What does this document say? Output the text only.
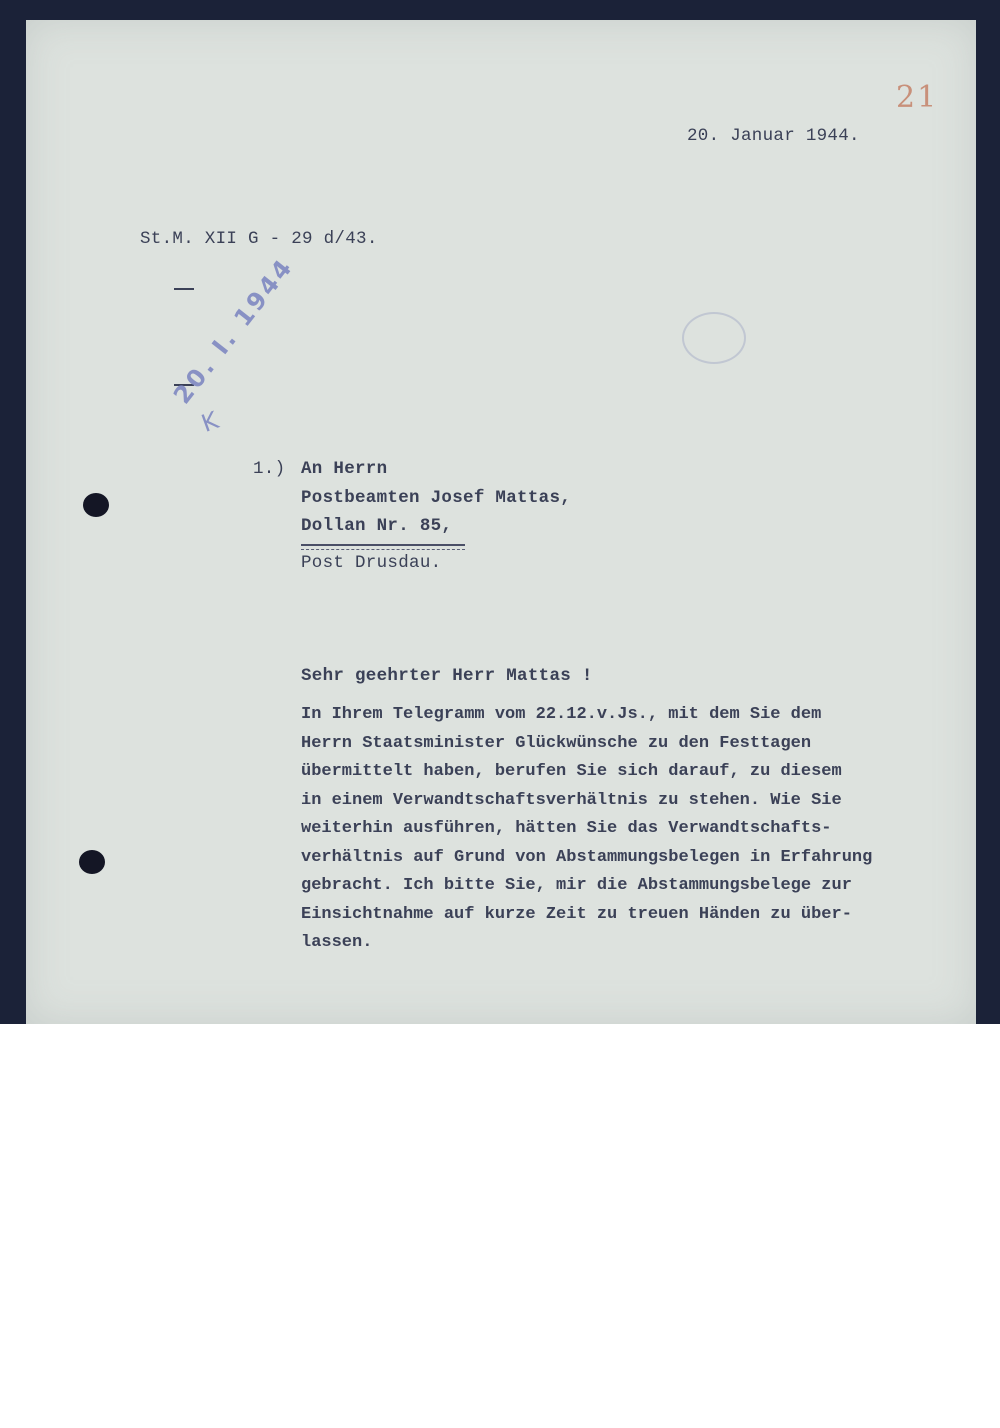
21
20. Januar 1944.
St.M. XII G - 29 d/43.
20. I. 1944
K
1.) An Herrn
Postbeamten Josef Mattas,
Dollan Nr. 85,
Post Drusdau.
Sehr geehrter Herr Mattas !
In Ihrem Telegramm vom 22.12.v.Js., mit dem Sie dem
Herrn Staatsminister Glückwünsche zu den Festtagen
übermittelt haben, berufen Sie sich darauf, zu diesem
in einem Verwandtschaftsverhältnis zu stehen. Wie Sie
weiterhin ausführen, hätten Sie das Verwandtschafts-
verhältnis auf Grund von Abstammungsbelegen in Erfahrung
gebracht. Ich bitte Sie, mir die Abstammungsbelege zur
Einsichtnahme auf kurze Zeit zu treuen Händen zu über-
lassen.
